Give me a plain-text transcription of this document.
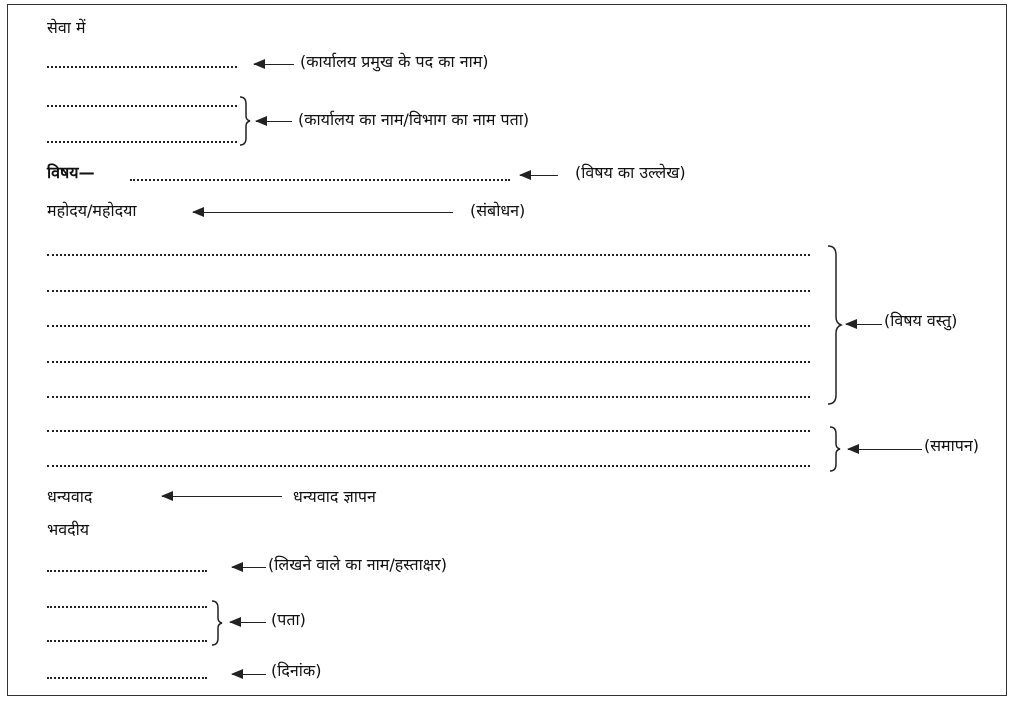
सेवा में
(कार्यालय प्रमुख के पद का नाम)
(कार्यालय का नाम/विभाग का नाम पता)
विषय—	(विषय का उल्लेख)
महोदय/महोदया	(संबोधन)
(विषय वस्तु)
(समापन)
धन्यवाद	धन्यवाद ज्ञापन
भवदीय
(लिखने वाले का नाम/हस्ताक्षर)
(पता)
(दिनांक)
